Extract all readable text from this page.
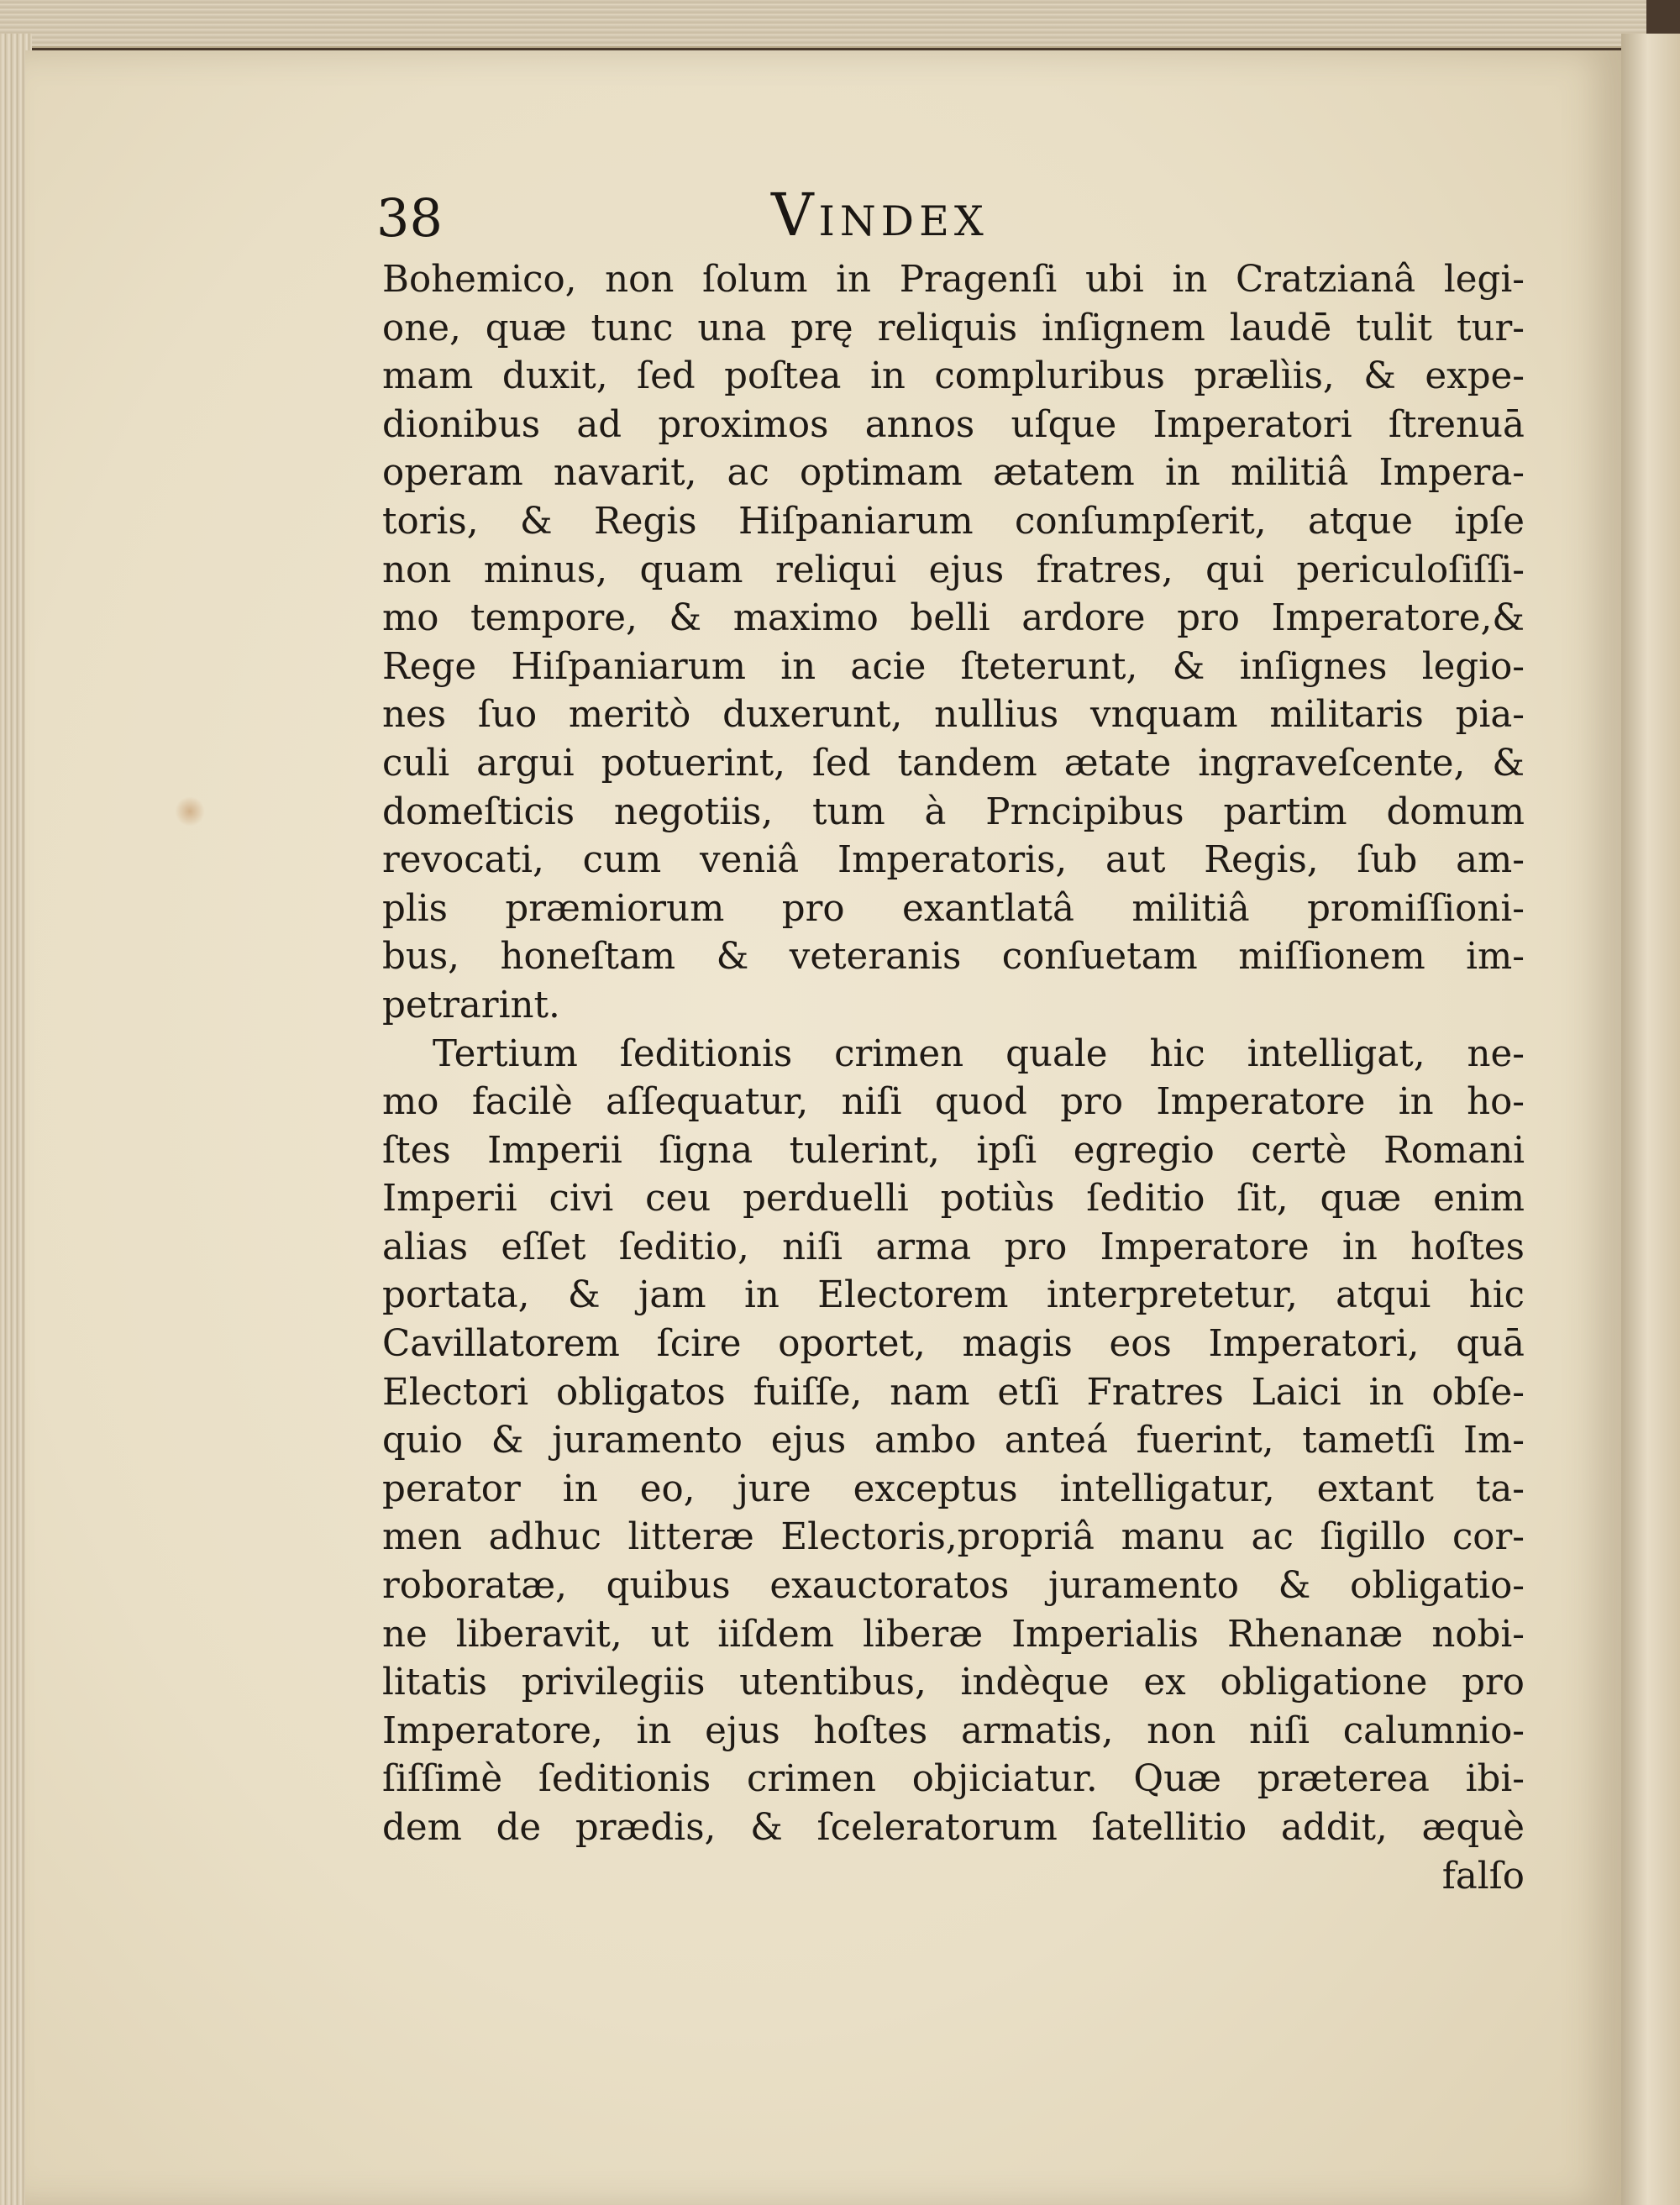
38	Vindex
Bohemico, non ſolum in Pragenſi ubi in Cratzianâ legi-
one, quæ tunc una prę reliquis inſignem laudē tulit tur-
mam duxit, ſed poſtea in compluribus prælìis, & expe-
dionibus ad proximos annos uſque Imperatori ſtrenuā
operam navarit, ac optimam ætatem in militiâ Impera-
toris, & Regis Hiſpaniarum conſumpſerit, atque ipſe
non minus, quam reliqui ejus fratres, qui periculoſiſſi-
mo tempore, & maximo belli ardore pro Imperatore,&
Rege Hiſpaniarum in acie ſteterunt, & inſignes legio-
nes ſuo meritò duxerunt, nullius vnquam militaris pia-
culi argui potuerint, ſed tandem ætate ingraveſcente, &
domeſticis negotiis, tum à Prncipibus partim domum
revocati, cum veniâ Imperatoris, aut Regis, ſub am-
plis præmiorum pro exantlatâ militiâ promiſſioni-
bus, honeſtam & veteranis conſuetam miſſionem im-
petrarint.
Tertium ſeditionis crimen quale hic intelligat, ne-
mo facilè aſſequatur, niſi quod pro Imperatore in ho-
ſtes Imperii ſigna tulerint, ipſi egregio certè Romani
Imperii civi ceu perduelli potiùs ſeditio ſit, quæ enim
alias eſſet ſeditio, niſi arma pro Imperatore in hoſtes
portata, & jam in Electorem interpretetur, atqui hic
Cavillatorem ſcire oportet, magis eos Imperatori, quā
Electori obligatos fuiſſe, nam etſi Fratres Laici in obſe-
quio & juramento ejus ambo anteá fuerint, tametſi Im-
perator in eo, jure exceptus intelligatur, extant ta-
men adhuc litteræ Electoris,propriâ manu ac ſigillo cor-
roboratæ, quibus exauctoratos juramento & obligatio-
ne liberavit, ut iiſdem liberæ Imperialis Rhenanæ nobi-
litatis privilegiis utentibus, indèque ex obligatione pro
Imperatore, in ejus hoſtes armatis, non niſi calumnio-
ſiſſimè ſeditionis crimen objiciatur. Quæ præterea ibi-
dem de prædis, & ſceleratorum ſatellitio addit, æquè
falſo
